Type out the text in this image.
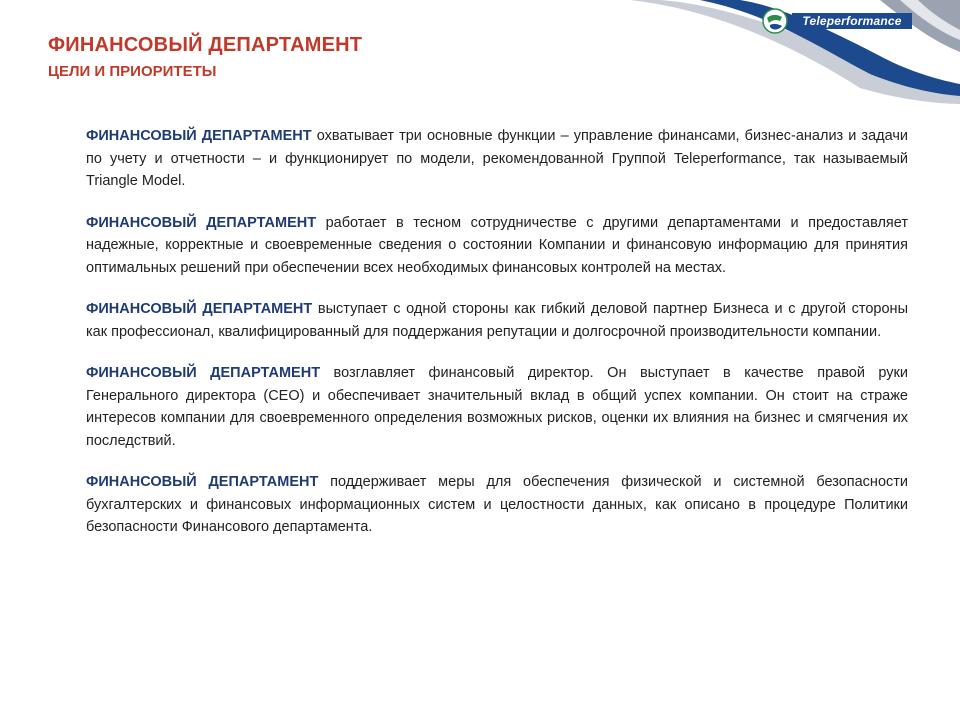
Teleperformance
ФИНАНСОВЫЙ ДЕПАРТАМЕНТ
ЦЕЛИ И ПРИОРИТЕТЫ

ФИНАНСОВЫЙ ДЕПАРТАМЕНТ охватывает три основные функции – управление финансами, бизнес-анализ и задачи по учету и отчетности – и функционирует по модели, рекомендованной Группой Teleperformance, так называемый Triangle Model.

ФИНАНСОВЫЙ ДЕПАРТАМЕНТ работает в тесном сотрудничестве с другими департаментами и предоставляет надежные, корректные и своевременные сведения о состоянии Компании и финансовую информацию для принятия оптимальных решений при обеспечении всех необходимых финансовых контролей на местах.

ФИНАНСОВЫЙ ДЕПАРТАМЕНТ выступает с одной стороны как гибкий деловой партнер Бизнеса и с другой стороны как профессионал, квалифицированный для поддержания репутации и долгосрочной производительности компании.

ФИНАНСОВЫЙ ДЕПАРТАМЕНТ возглавляет финансовый директор. Он выступает в качестве правой руки Генерального директора (CEO) и обеспечивает значительный вклад в общий успех компании. Он стоит на страже интересов компании для своевременного определения возможных рисков, оценки их влияния на бизнес и смягчения их последствий.

ФИНАНСОВЫЙ ДЕПАРТАМЕНТ поддерживает меры для обеспечения физической и системной безопасности бухгалтерских и финансовых информационных систем и целостности данных, как описано в процедуре Политики безопасности Финансового департамента.
